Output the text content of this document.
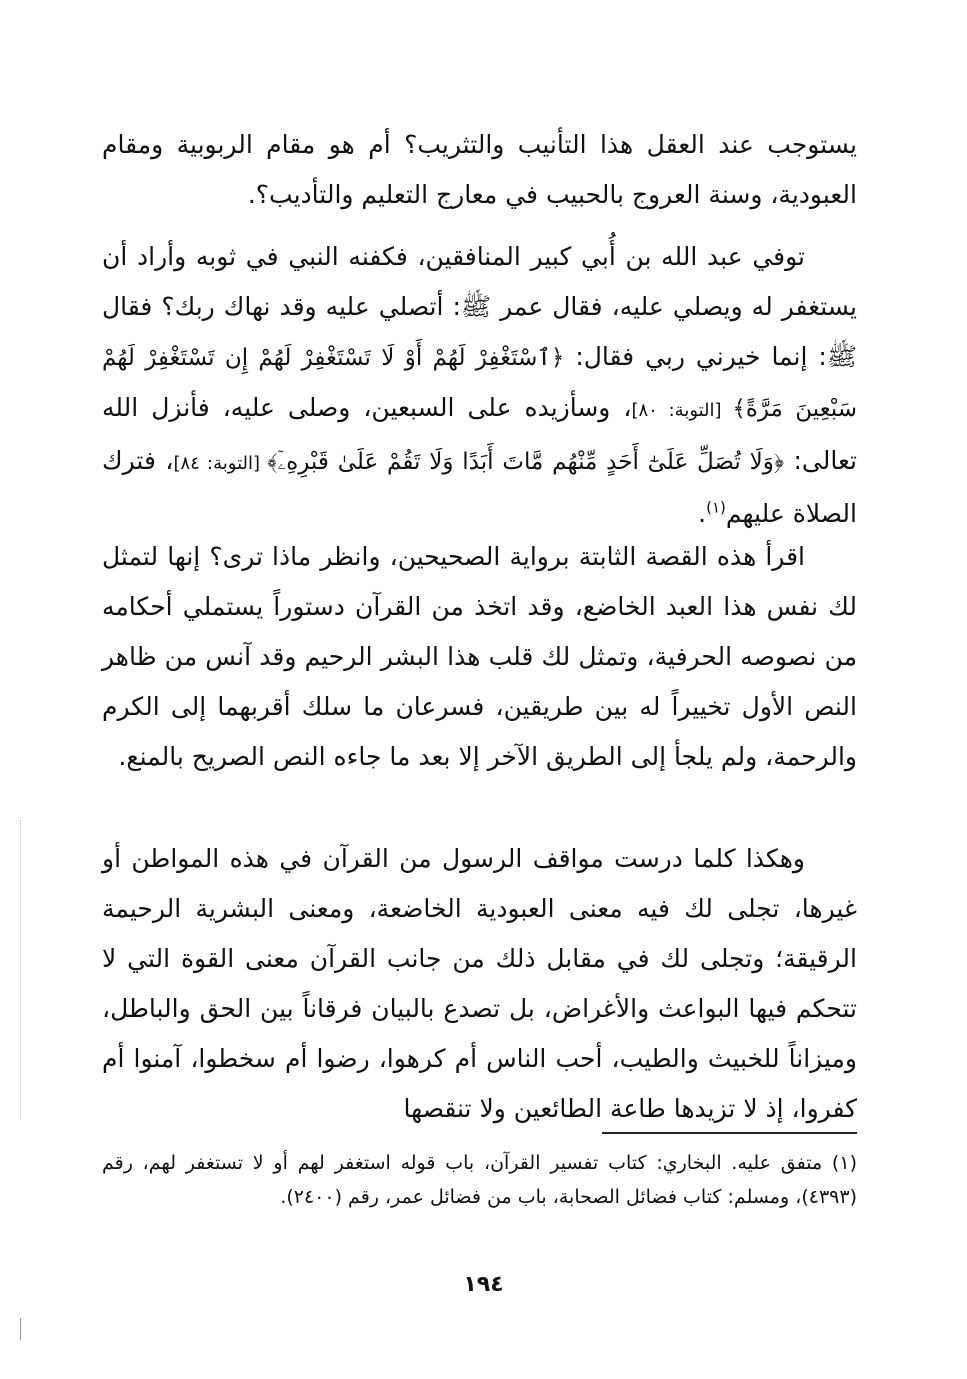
يستوجب عند العقل هذا التأنيب والتثريب؟ أم هو مقام الربوبية ومقام العبودية، وسنة العروج بالحبيب في معارج التعليم والتأديب؟.

توفي عبد الله بن أُبي كبير المنافقين، فكفنه النبي في ثوبه وأراد أن يستغفر له ويصلي عليه، فقال عمر ﷺ: أتصلي عليه وقد نهاك ربك؟ فقال ﷺ: إنما خيرني ربي فقال: ﴿ٱسْتَغْفِرْ لَهُمْ أَوْ لَا تَسْتَغْفِرْ لَهُمْ إِن تَسْتَغْفِرْ لَهُمْ سَبْعِينَ مَرَّةً﴾ [التوبة: ٨٠]، وسأزيده على السبعين، وصلى عليه، فأنزل الله تعالى: ﴿وَلَا تُصَلِّ عَلَىٰٓ أَحَدٍ مِّنْهُم مَّاتَ أَبَدًا وَلَا تَقُمْ عَلَىٰ قَبْرِهِۦٓ﴾ [التوبة: ٨٤]، فترك الصلاة عليهم$^{(١)}$.

اقرأ هذه القصة الثابتة برواية الصحيحين، وانظر ماذا ترى؟ إنها لتمثل لك نفس هذا العبد الخاضع، وقد اتخذ من القرآن دستوراً يستملي أحكامه من نصوصه الحرفية، وتمثل لك قلب هذا البشر الرحيم وقد آنس من ظاهر النص الأول تخييراً له بين طريقين، فسرعان ما سلك أقربهما إلى الكرم والرحمة، ولم يلجأ إلى الطريق الآخر إلا بعد ما جاءه النص الصريح بالمنع.

وهكذا كلما درست مواقف الرسول من القرآن في هذه المواطن أو غيرها، تجلى لك فيه معنى العبودية الخاضعة، ومعنى البشرية الرحيمة الرقيقة؛ وتجلى لك في مقابل ذلك من جانب القرآن معنى القوة التي لا تتحكم فيها البواعث والأغراض، بل تصدع بالبيان فرقاناً بين الحق والباطل، وميزاناً للخبيث والطيب، أحب الناس أم كرهوا، رضوا أم سخطوا، آمنوا أم كفروا، إذ لا تزيدها طاعة الطائعين ولا تنقصها

(١) متفق عليه. البخاري: كتاب تفسير القرآن، باب قوله استغفر لهم أو لا تستغفر لهم، رقم (٤٣٩٣)، ومسلم: كتاب فضائل الصحابة، باب من فضائل عمر، رقم (٢٤٠٠).

١٩٤
